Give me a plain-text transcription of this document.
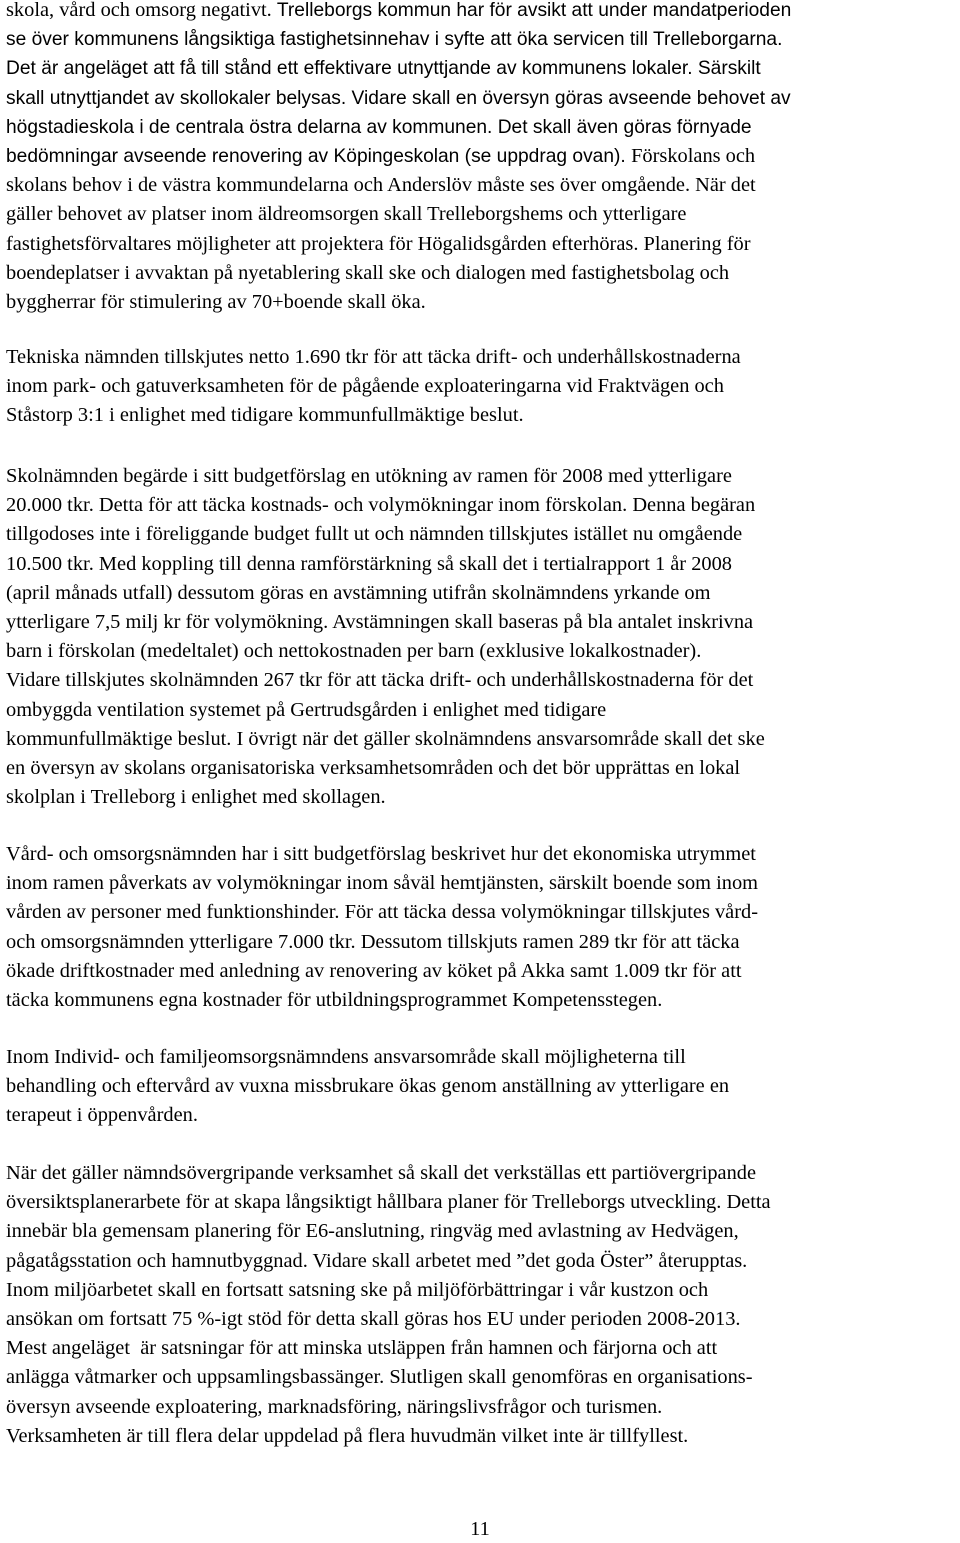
skola, vård och omsorg negativt. Trelleborgs kommun har för avsikt att under mandatperioden
se över kommunens långsiktiga fastighetsinnehav i syfte att öka servicen till Trelleborgarna.
Det är angeläget att få till stånd ett effektivare utnyttjande av kommunens lokaler. Särskilt
skall utnyttjandet av skollokaler belysas. Vidare skall en översyn göras avseende behovet av
högstadieskola i de centrala östra delarna av kommunen. Det skall även göras förnyade
bedömningar avseende renovering av Köpingeskolan (se uppdrag ovan). Förskolans och
skolans behov i de västra kommundelarna och Anderslöv måste ses över omgående. När det
gäller behovet av platser inom äldreomsorgen skall Trelleborgshems och ytterligare
fastighetsförvaltares möjligheter att projektera för Högalidsgården efterhöras. Planering för
boendeplatser i avvaktan på nyetablering skall ske och dialogen med fastighetsbolag och
byggherrar för stimulering av 70+boende skall öka.
Tekniska nämnden tillskjutes netto 1.690 tkr för att täcka drift- och underhållskostnaderna
inom park- och gatuverksamheten för de pågående exploateringarna vid Fraktvägen och
Ståstorp 3:1 i enlighet med tidigare kommunfullmäktige beslut.
Skolnämnden begärde i sitt budgetförslag en utökning av ramen för 2008 med ytterligare
20.000 tkr. Detta för att täcka kostnads- och volymökningar inom förskolan. Denna begäran
tillgodoses inte i föreliggande budget fullt ut och nämnden tillskjutes istället nu omgående
10.500 tkr. Med koppling till denna ramförstärkning så skall det i tertialrapport 1 år 2008
(april månads utfall) dessutom göras en avstämning utifrån skolnämndens yrkande om
ytterligare 7,5 milj kr för volymökning. Avstämningen skall baseras på bla antalet inskrivna
barn i förskolan (medeltalet) och nettokostnaden per barn (exklusive lokalkostnader).
Vidare tillskjutes skolnämnden 267 tkr för att täcka drift- och underhållskostnaderna för det
ombyggda ventilation systemet på Gertrudsgården i enlighet med tidigare
kommunfullmäktige beslut. I övrigt när det gäller skolnämndens ansvarsområde skall det ske
en översyn av skolans organisatoriska verksamhetsområden och det bör upprättas en lokal
skolplan i Trelleborg i enlighet med skollagen.
Vård- och omsorgsnämnden har i sitt budgetförslag beskrivet hur det ekonomiska utrymmet
inom ramen påverkats av volymökningar inom såväl hemtjänsten, särskilt boende som inom
vården av personer med funktionshinder. För att täcka dessa volymökningar tillskjutes vård-
och omsorgsnämnden ytterligare 7.000 tkr. Dessutom tillskjuts ramen 289 tkr för att täcka
ökade driftkostnader med anledning av renovering av köket på Akka samt 1.009 tkr för att
täcka kommunens egna kostnader för utbildningsprogrammet Kompetensstegen.
Inom Individ- och familjeomsorgsnämndens ansvarsområde skall möjligheterna till
behandling och eftervård av vuxna missbrukare ökas genom anställning av ytterligare en
terapeut i öppenvården.
När det gäller nämndsövergripande verksamhet så skall det verkställas ett partiövergripande
översiktsplanerarbete för at skapa långsiktigt hållbara planer för Trelleborgs utveckling. Detta
innebär bla gemensam planering för E6-anslutning, ringväg med avlastning av Hedvägen,
pågatågsstation och hamnutbyggnad. Vidare skall arbetet med ”det goda Öster” återupptas.
Inom miljöarbetet skall en fortsatt satsning ske på miljöförbättringar i vår kustzon och
ansökan om fortsatt 75 %-igt stöd för detta skall göras hos EU under perioden 2008-2013.
Mest angeläget  är satsningar för att minska utsläppen från hamnen och färjorna och att
anlägga våtmarker och uppsamlingsbassänger. Slutligen skall genomföras en organisations-
översyn avseende exploatering, marknadsföring, näringslivsfrågor och turismen.
Verksamheten är till flera delar uppdelad på flera huvudmän vilket inte är tillfyllest.
11
